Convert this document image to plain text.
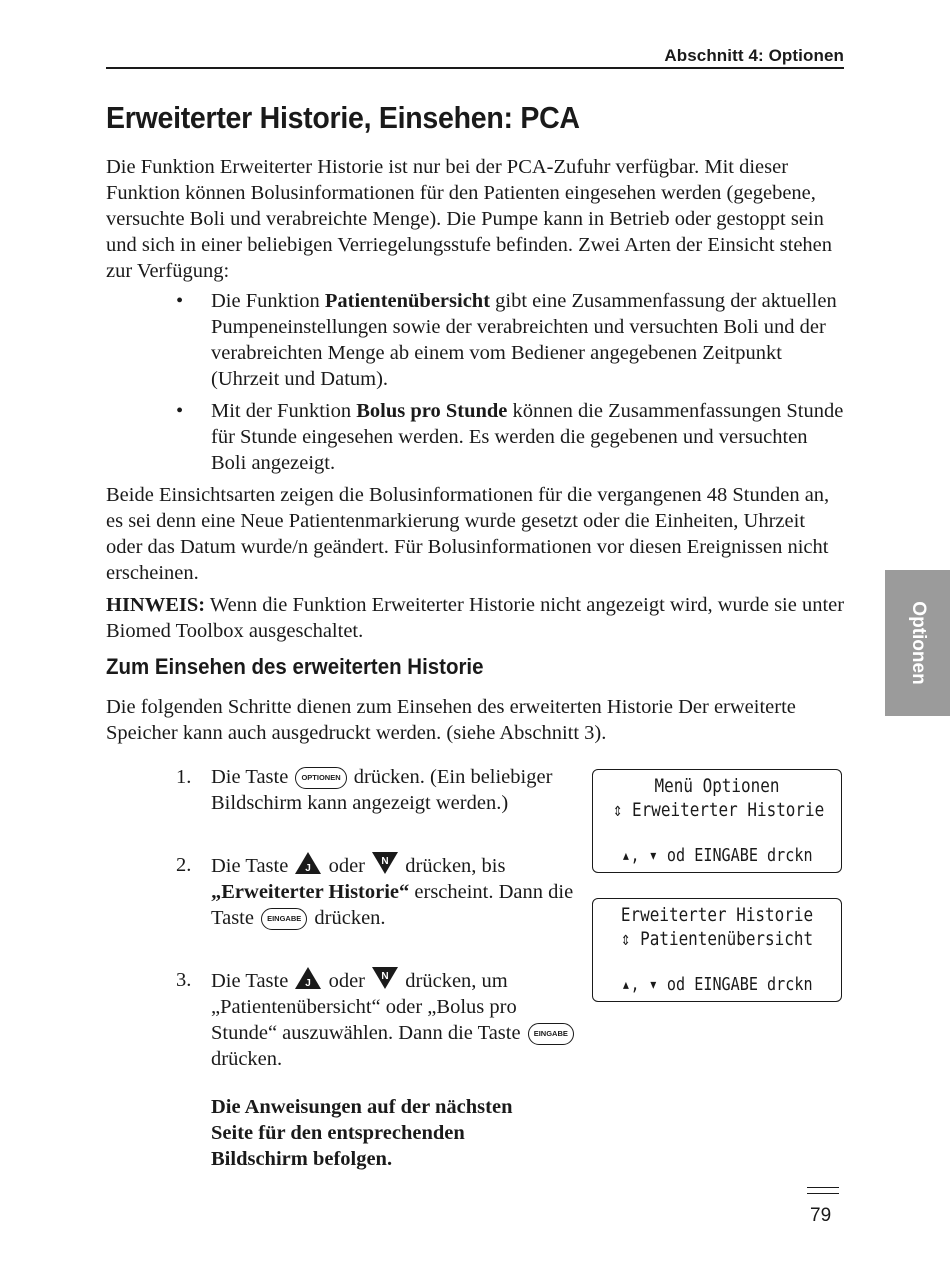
Abschnitt 4: Optionen
Erweiterter Historie, Einsehen: PCA

Die Funktion Erweiterter Historie ist nur bei der PCA-Zufuhr verfügbar. Mit dieser Funktion können Bolusinformationen für den Patienten eingesehen werden (gegebene, versuchte Boli und verabreichte Menge). Die Pumpe kann in Betrieb oder gestoppt sein und sich in einer beliebigen Verriegelungsstufe befinden. Zwei Arten der Einsicht stehen zur Verfügung:

• Die Funktion Patientenübersicht gibt eine Zusammenfassung der aktuellen Pumpeneinstellungen sowie der verabreichten und versuchten Boli und der verabreichten Menge ab einem vom Bediener angegebenen Zeitpunkt (Uhrzeit und Datum).
• Mit der Funktion Bolus pro Stunde können die Zusammenfassungen Stunde für Stunde eingesehen werden. Es werden die gegebenen und versuchten Boli angezeigt.

Beide Einsichtsarten zeigen die Bolusinformationen für die vergangenen 48 Stunden an, es sei denn eine Neue Patientenmarkierung wurde gesetzt oder die Einheiten, Uhrzeit oder das Datum wurde/n geändert. Für Bolusinformationen vor diesen Ereignissen nicht erscheinen.

HINWEIS: Wenn die Funktion Erweiterter Historie nicht angezeigt wird, wurde sie unter Biomed Toolbox ausgeschaltet.

Zum Einsehen des erweiterten Historie

Die folgenden Schritte dienen zum Einsehen des erweiterten Historie Der erweiterte Speicher kann auch ausgedruckt werden. (siehe Abschnitt 3).

1. Die Taste OPTIONEN drücken. (Ein beliebiger Bildschirm kann angezeigt werden.)
2. Die Taste J oder N drücken, bis „Erweiterter Historie“ erscheint. Dann die Taste EINGABE drücken.
3. Die Taste J oder N drücken, um „Patientenübersicht“ oder „Bolus pro Stunde“ auszuwählen. Dann die Taste EINGABE drücken.

Die Anweisungen auf der nächsten Seite für den entsprechenden Bildschirm befolgen.

Menü Optionen
⇕ Erweiterter Historie
▴, ▾ od EINGABE drckn
Erweiterter Historie
⇕ Patientenübersicht
▴, ▾ od EINGABE drckn
Optionen
79
